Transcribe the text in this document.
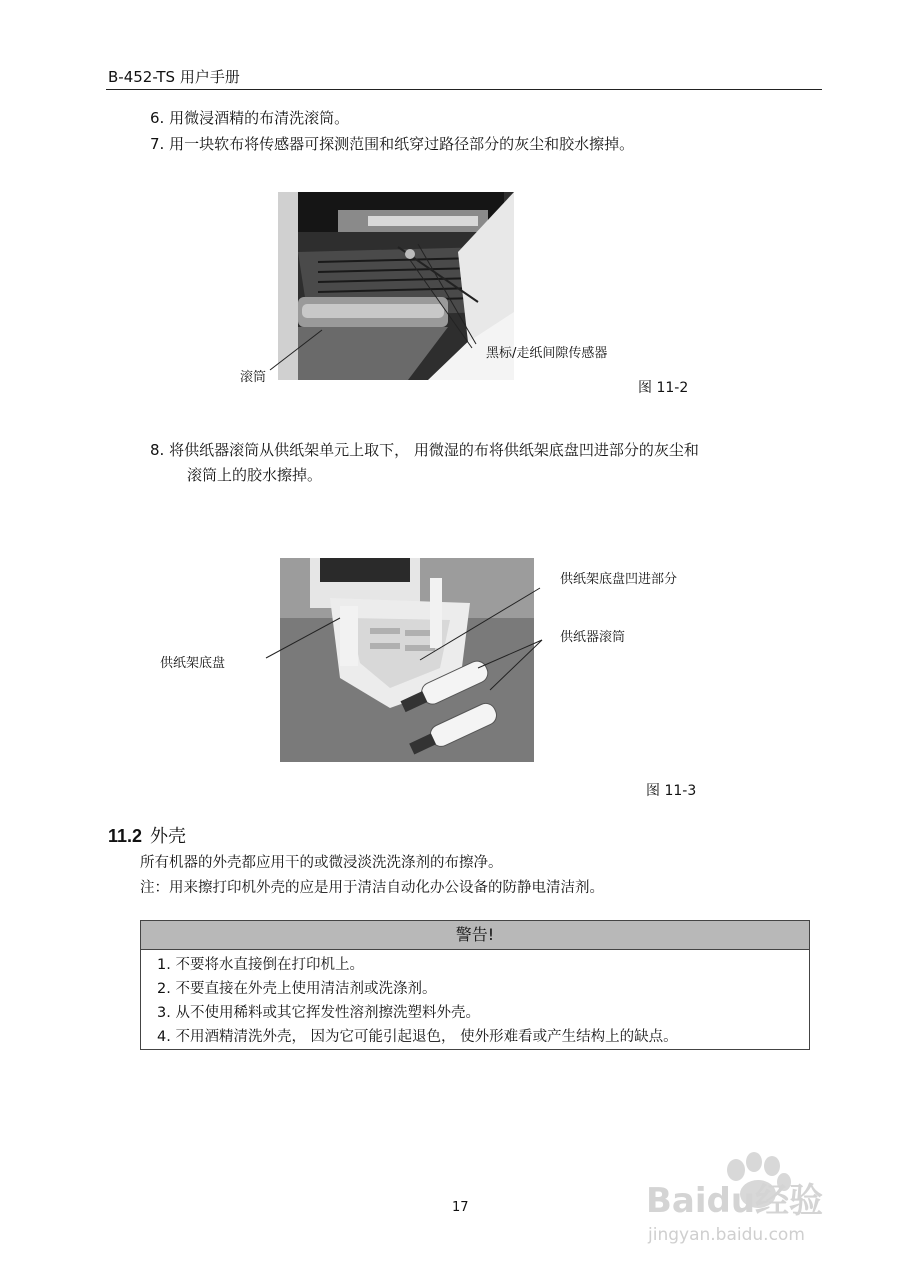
B-452-TS 用户手册
6. 用微浸酒精的布清洗滚筒。
7. 用一块软布将传感器可探测范围和纸穿过路径部分的灰尘和胶水擦掉。
滚筒
黑标/走纸间隙传感器
图 11-2
8. 将供纸器滚筒从供纸架单元上取下， 用微湿的布将供纸架底盘凹进部分的灰尘和
滚筒上的胶水擦掉。
供纸架底盘凹进部分
供纸器滚筒
供纸架底盘
图 11-3
11.2 外壳
所有机器的外壳都应用干的或微浸淡洗洗涤剂的布擦净。
注：用来擦打印机外壳的应是用于清洁自动化办公设备的防静电清洁剂。
警告!
1. 不要将水直接倒在打印机上。
2. 不要直接在外壳上使用清洁剂或洗涤剂。
3. 从不使用稀料或其它挥发性溶剂擦洗塑料外壳。
4. 不用酒精清洗外壳， 因为它可能引起退色， 使外形难看或产生结构上的缺点。
17	Baidu经验
jingyan.baidu.com
